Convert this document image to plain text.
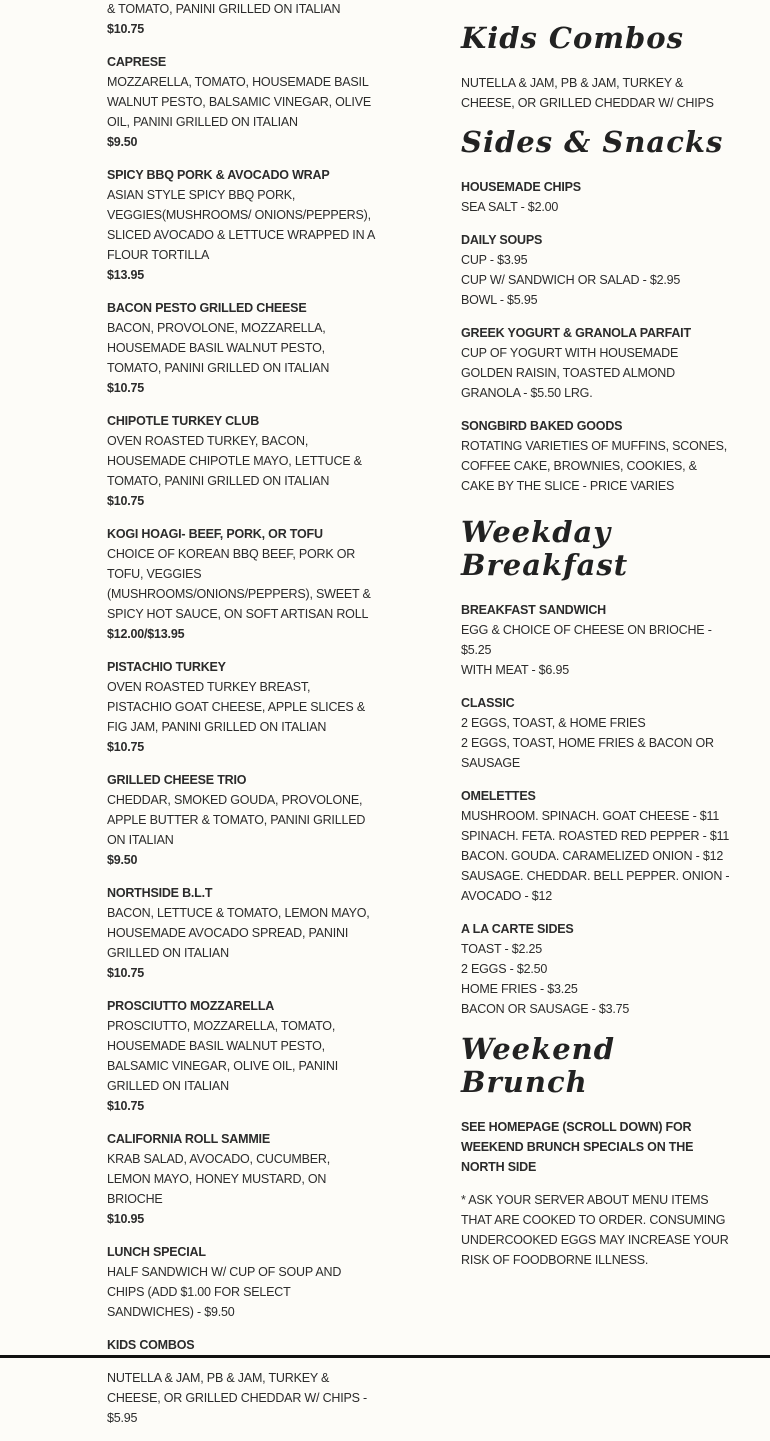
& TOMATO, PANINI GRILLED ON ITALIAN
$10.75
CAPRESE
MOZZARELLA, TOMATO, HOUSEMADE BASIL WALNUT PESTO, BALSAMIC VINEGAR, OLIVE OIL, PANINI GRILLED ON ITALIAN
$9.50
SPICY BBQ PORK & AVOCADO WRAP
ASIAN STYLE SPICY BBQ PORK, VEGGIES(MUSHROOMS/ ONIONS/PEPPERS), SLICED AVOCADO & LETTUCE WRAPPED IN A FLOUR TORTILLA
$13.95
BACON PESTO GRILLED CHEESE
BACON, PROVOLONE, MOZZARELLA, HOUSEMADE BASIL WALNUT PESTO, TOMATO, PANINI GRILLED ON ITALIAN
$10.75
CHIPOTLE TURKEY CLUB
OVEN ROASTED TURKEY, BACON, HOUSEMADE CHIPOTLE MAYO, LETTUCE & TOMATO, PANINI GRILLED ON ITALIAN
$10.75
KOGI HOAGI- BEEF, PORK, OR TOFU
CHOICE OF KOREAN BBQ BEEF, PORK OR TOFU, VEGGIES (MUSHROOMS/ONIONS/PEPPERS), SWEET & SPICY HOT SAUCE, ON SOFT ARTISAN ROLL
$12.00/$13.95
PISTACHIO TURKEY
OVEN ROASTED TURKEY BREAST, PISTACHIO GOAT CHEESE, APPLE SLICES & FIG JAM, PANINI GRILLED ON ITALIAN
$10.75
GRILLED CHEESE TRIO
CHEDDAR, SMOKED GOUDA, PROVOLONE, APPLE BUTTER & TOMATO, PANINI GRILLED ON ITALIAN
$9.50
NORTHSIDE B.L.T
BACON, LETTUCE & TOMATO, LEMON MAYO, HOUSEMADE AVOCADO SPREAD, PANINI GRILLED ON ITALIAN
$10.75
PROSCIUTTO MOZZARELLA
PROSCIUTTO, MOZZARELLA, TOMATO, HOUSEMADE BASIL WALNUT PESTO, BALSAMIC VINEGAR, OLIVE OIL, PANINI GRILLED ON ITALIAN
$10.75
CALIFORNIA ROLL SAMMIE
KRAB SALAD, AVOCADO, CUCUMBER, LEMON MAYO, HONEY MUSTARD, ON BRIOCHE
$10.95
LUNCH SPECIAL
HALF SANDWICH W/ CUP OF SOUP AND CHIPS (ADD $1.00 FOR SELECT SANDWICHES) - $9.50
KIDS COMBOS
NUTELLA & JAM, PB & JAM, TURKEY & CHEESE, OR GRILLED CHEDDAR W/ CHIPS - $5.95
Kids Combos
NUTELLA & JAM, PB & JAM, TURKEY & CHEESE, OR GRILLED CHEDDAR W/ CHIPS
Sides & Snacks
HOUSEMADE CHIPS
SEA SALT - $2.00
DAILY SOUPS
CUP - $3.95
CUP W/ SANDWICH OR SALAD - $2.95
BOWL - $5.95
GREEK YOGURT & GRANOLA PARFAIT
CUP OF YOGURT WITH HOUSEMADE GOLDEN RAISIN, TOASTED ALMOND GRANOLA - $5.50 LRG.
SONGBIRD BAKED GOODS
ROTATING VARIETIES OF MUFFINS, SCONES, COFFEE CAKE, BROWNIES, COOKIES, & CAKE BY THE SLICE - PRICE VARIES
Weekday
Breakfast
BREAKFAST SANDWICH
EGG & CHOICE OF CHEESE ON BRIOCHE - $5.25
WITH MEAT - $6.95
CLASSIC
2 EGGS, TOAST, & HOME FRIES
2 EGGS, TOAST, HOME FRIES & BACON OR SAUSAGE
OMELETTES
MUSHROOM. SPINACH. GOAT CHEESE - $11
SPINACH. FETA. ROASTED RED PEPPER - $11
BACON. GOUDA. CARAMELIZED ONION - $12
SAUSAGE. CHEDDAR. BELL PEPPER. ONION - AVOCADO - $12
A LA CARTE SIDES
TOAST - $2.25
2 EGGS - $2.50
HOME FRIES - $3.25
BACON OR SAUSAGE - $3.75
Weekend Brunch
SEE HOMEPAGE (SCROLL DOWN) FOR WEEKEND BRUNCH SPECIALS ON THE NORTH SIDE
* ASK YOUR SERVER ABOUT MENU ITEMS THAT ARE COOKED TO ORDER. CONSUMING UNDERCOOKED EGGS MAY INCREASE YOUR RISK OF FOODBORNE ILLNESS.
